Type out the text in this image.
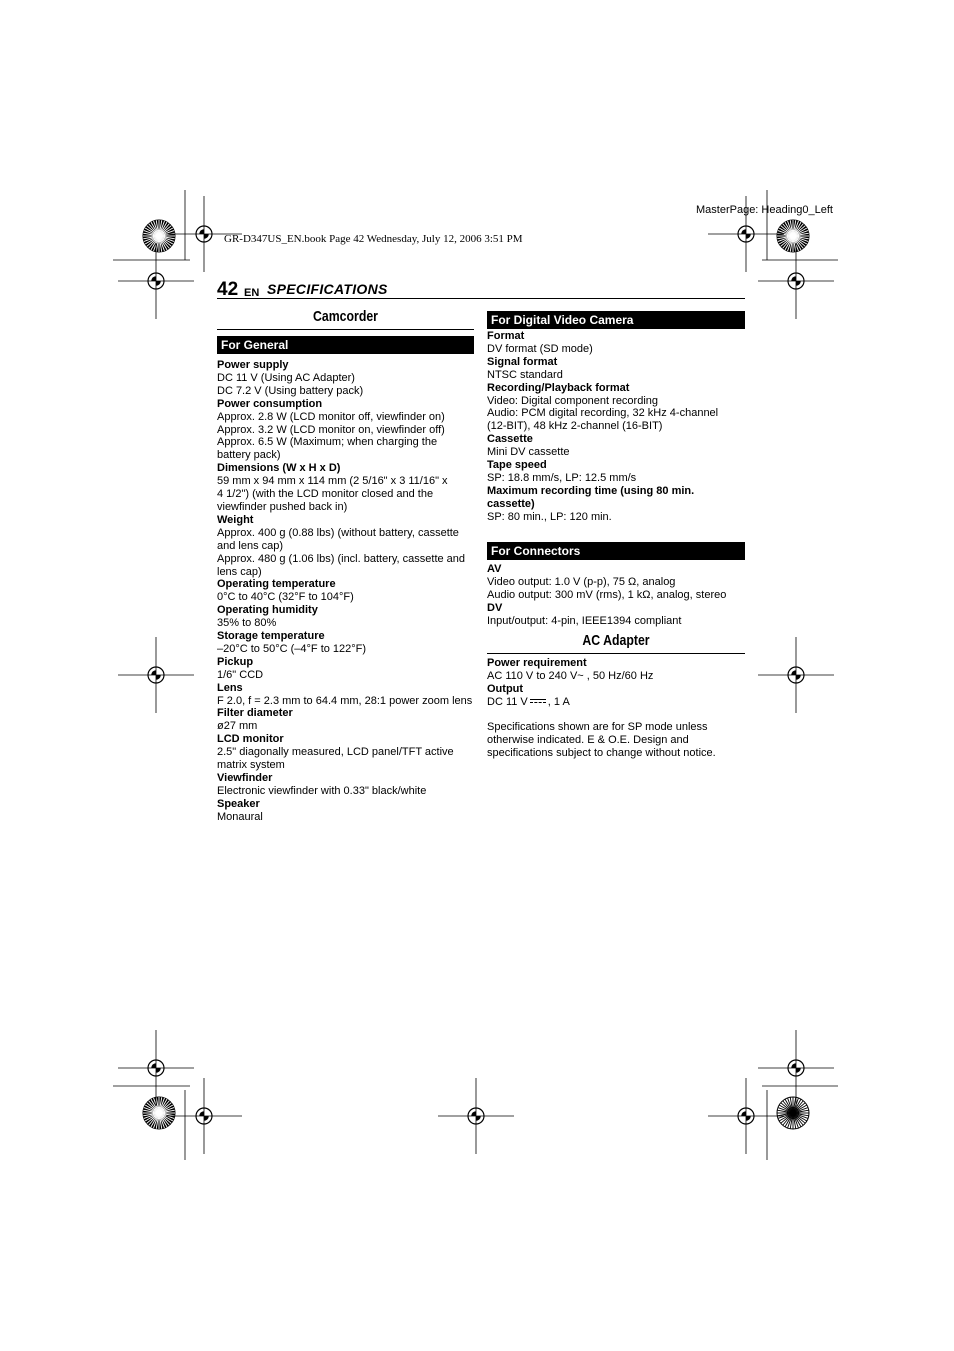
MasterPage: Heading0_Left
GR-D347US_EN.book Page 42 Wednesday, July 12, 2006 3:51 PM
42 EN SPECIFICATIONS
Camcorder
For General
Power supply
DC 11 V (Using AC Adapter)
DC 7.2 V (Using battery pack)
Power consumption
Approx. 2.8 W (LCD monitor off, viewfinder on)
Approx. 3.2 W (LCD monitor on, viewfinder off)
Approx. 6.5 W (Maximum; when charging the
battery pack)
Dimensions (W x H x D)
59 mm x 94 mm x 114 mm (2 5/16" x 3 11/16" x
4 1/2") (with the LCD monitor closed and the
viewfinder pushed back in)
Weight
Approx. 400 g (0.88 lbs) (without battery, cassette
and lens cap)
Approx. 480 g (1.06 lbs) (incl. battery, cassette and
lens cap)
Operating temperature
0°C to 40°C (32°F to 104°F)
Operating humidity
35% to 80%
Storage temperature
–20°C to 50°C (–4°F to 122°F)
Pickup
1/6" CCD
Lens
F 2.0, f = 2.3 mm to 64.4 mm, 28:1 power zoom lens
Filter diameter
ø27 mm
LCD monitor
2.5" diagonally measured, LCD panel/TFT active
matrix system
Viewfinder
Electronic viewfinder with 0.33" black/white
Speaker
Monaural
For Digital Video Camera
Format
DV format (SD mode)
Signal format
NTSC standard
Recording/Playback format
Video: Digital component recording
Audio: PCM digital recording, 32 kHz 4-channel
(12-BIT), 48 kHz 2-channel (16-BIT)
Cassette
Mini DV cassette
Tape speed
SP: 18.8 mm/s, LP: 12.5 mm/s
Maximum recording time (using 80 min.
cassette)
SP: 80 min., LP: 120 min.
For Connectors
AV
Video output: 1.0 V (p-p), 75 Ω, analog
Audio output: 300 mV (rms), 1 kΩ, analog, stereo
DV
Input/output: 4-pin, IEEE1394 compliant
AC Adapter
Power requirement
AC 110 V to 240 V~ , 50 Hz/60 Hz
Output
DC 11 V , 1 A
Specifications shown are for SP mode unless
otherwise indicated. E & O.E. Design and
specifications subject to change without notice.
